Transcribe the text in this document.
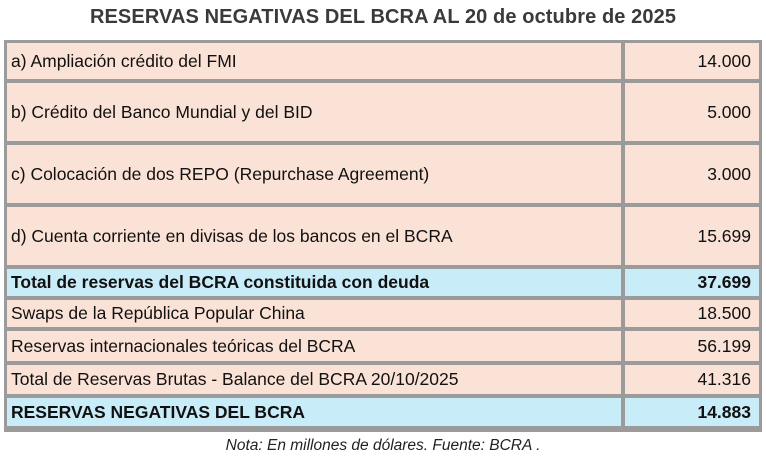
RESERVAS NEGATIVAS DEL BCRA AL 20 de octubre de 2025
a) Ampliación crédito del FMI	14.000
b) Crédito del Banco Mundial y del BID	5.000
c) Colocación de dos REPO (Repurchase Agreement)	3.000
d) Cuenta corriente en divisas de los bancos en el BCRA	15.699
Total de reservas del BCRA constituida con deuda	37.699
Swaps de la República Popular China	18.500
Reservas internacionales teóricas del BCRA	56.199
Total de Reservas Brutas - Balance del BCRA 20/10/2025	41.316
RESERVAS NEGATIVAS DEL BCRA	14.883
Nota: En millones de dólares. Fuente: BCRA .
